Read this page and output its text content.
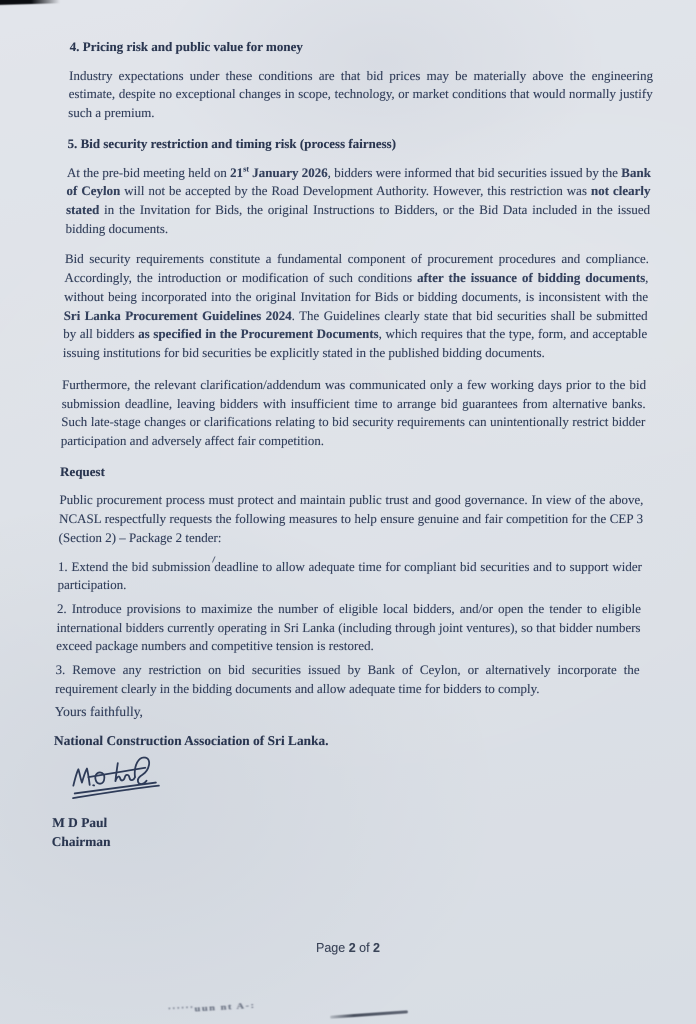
4. Pricing risk and public value for money

Industry expectations under these conditions are that bid prices may be materially above the engineering estimate, despite no exceptional changes in scope, technology, or market conditions that would normally justify such a premium.

5. Bid security restriction and timing risk (process fairness)

At the pre-bid meeting held on 21st January 2026, bidders were informed that bid securities issued by the Bank of Ceylon will not be accepted by the Road Development Authority. However, this restriction was not clearly stated in the Invitation for Bids, the original Instructions to Bidders, or the Bid Data included in the issued bidding documents.

Bid security requirements constitute a fundamental component of procurement procedures and compliance. Accordingly, the introduction or modification of such conditions after the issuance of bidding documents, without being incorporated into the original Invitation for Bids or bidding documents, is inconsistent with the Sri Lanka Procurement Guidelines 2024. The Guidelines clearly state that bid securities shall be submitted by all bidders as specified in the Procurement Documents, which requires that the type, form, and acceptable issuing institutions for bid securities be explicitly stated in the published bidding documents.

Furthermore, the relevant clarification/addendum was communicated only a few working days prior to the bid submission deadline, leaving bidders with insufficient time to arrange bid guarantees from alternative banks. Such late-stage changes or clarifications relating to bid security requirements can unintentionally restrict bidder participation and adversely affect fair competition.

Request

Public procurement process must protect and maintain public trust and good governance. In view of the above, NCASL respectfully requests the following measures to help ensure genuine and fair competition for the CEP 3 (Section 2) – Package 2 tender:

1. Extend the bid submission deadline to allow adequate time for compliant bid securities and to support wider participation.

2. Introduce provisions to maximize the number of eligible local bidders, and/or open the tender to eligible international bidders currently operating in Sri Lanka (including through joint ventures), so that bidder numbers exceed package numbers and competitive tension is restored.

3. Remove any restriction on bid securities issued by Bank of Ceylon, or alternatively incorporate the requirement clearly in the bidding documents and allow adequate time for bidders to comply.

Yours faithfully,

National Construction Association of Sri Lanka.

M D Paul

Chairman

Page 2 of 2
''''''uun nt A-:
